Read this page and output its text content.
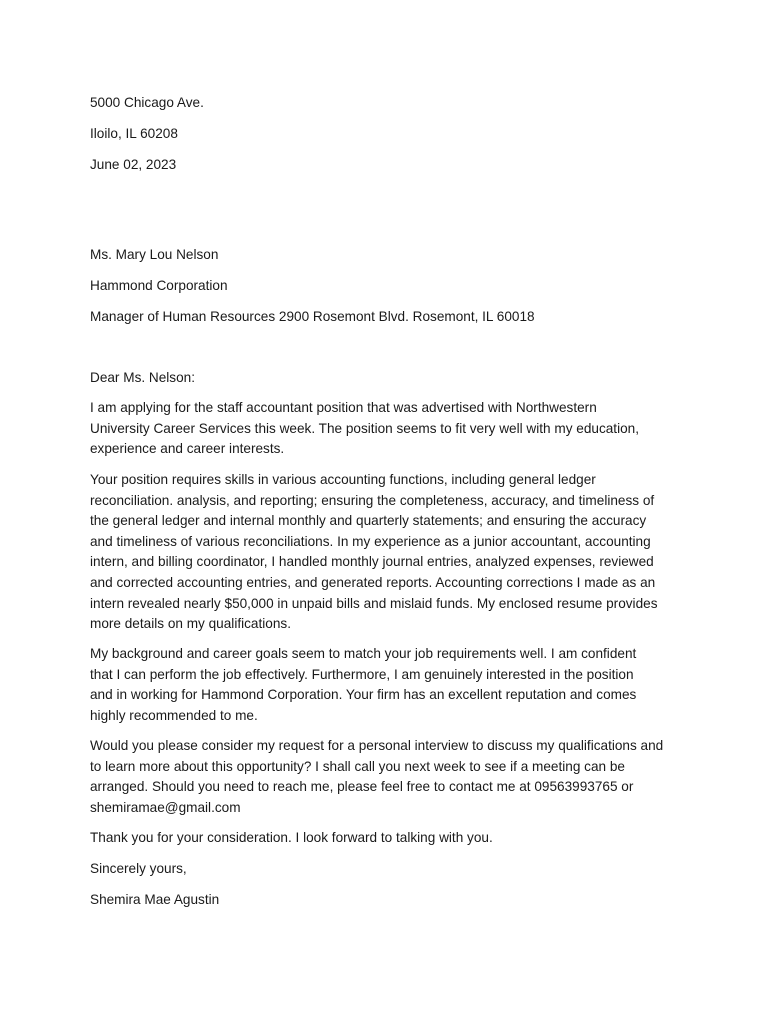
5000 Chicago Ave.

Iloilo, IL 60208

June 02, 2023

Ms. Mary Lou Nelson

Hammond Corporation

Manager of Human Resources 2900 Rosemont Blvd. Rosemont, IL 60018

Dear Ms. Nelson:

I am applying for the staff accountant position that was advertised with Northwestern
University Career Services this week. The position seems to fit very well with my education,
experience and career interests.
Your position requires skills in various accounting functions, including general ledger
reconciliation. analysis, and reporting; ensuring the completeness, accuracy, and timeliness of
the general ledger and internal monthly and quarterly statements; and ensuring the accuracy
and timeliness of various reconciliations. In my experience as a junior accountant, accounting
intern, and billing coordinator, I handled monthly journal entries, analyzed expenses, reviewed
and corrected accounting entries, and generated reports. Accounting corrections I made as an
intern revealed nearly $50,000 in unpaid bills and mislaid funds. My enclosed resume provides
more details on my qualifications.
My background and career goals seem to match your job requirements well. I am confident
that I can perform the job effectively. Furthermore, I am genuinely interested in the position
and in working for Hammond Corporation. Your firm has an excellent reputation and comes
highly recommended to me.
Would you please consider my request for a personal interview to discuss my qualifications and
to learn more about this opportunity? I shall call you next week to see if a meeting can be
arranged. Should you need to reach me, please feel free to contact me at 09563993765 or
shemiramae@gmail.com

Thank you for your consideration. I look forward to talking with you.

Sincerely yours,

Shemira Mae Agustin
